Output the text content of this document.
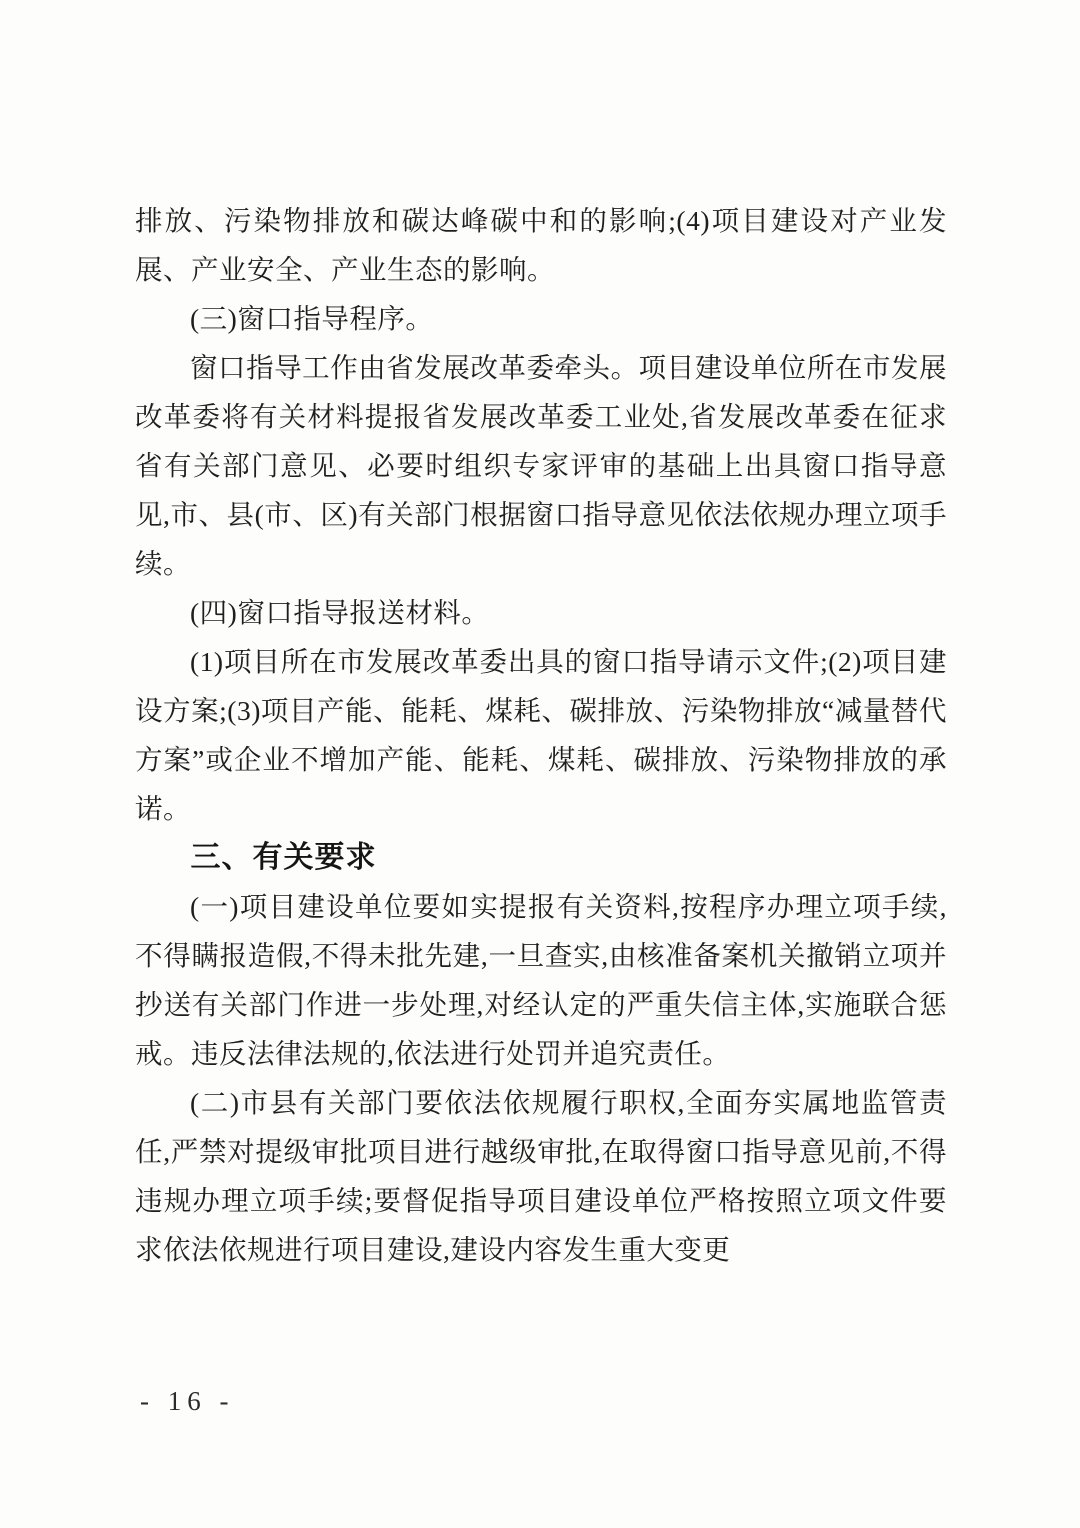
排放、污染物排放和碳达峰碳中和的影响;(4)项目建设对产业发展、产业安全、产业生态的影响。

(三)窗口指导程序。

窗口指导工作由省发展改革委牵头。项目建设单位所在市发展改革委将有关材料提报省发展改革委工业处,省发展改革委在征求省有关部门意见、必要时组织专家评审的基础上出具窗口指导意见,市、县(市、区)有关部门根据窗口指导意见依法依规办理立项手续。

(四)窗口指导报送材料。

(1)项目所在市发展改革委出具的窗口指导请示文件;(2)项目建设方案;(3)项目产能、能耗、煤耗、碳排放、污染物排放“减量替代方案”或企业不增加产能、能耗、煤耗、碳排放、污染物排放的承诺。

三、有关要求

(一)项目建设单位要如实提报有关资料,按程序办理立项手续,不得瞒报造假,不得未批先建,一旦查实,由核准备案机关撤销立项并抄送有关部门作进一步处理,对经认定的严重失信主体,实施联合惩戒。违反法律法规的,依法进行处罚并追究责任。

(二)市县有关部门要依法依规履行职权,全面夯实属地监管责任,严禁对提级审批项目进行越级审批,在取得窗口指导意见前,不得违规办理立项手续;要督促指导项目建设单位严格按照立项文件要求依法依规进行项目建设,建设内容发生重大变更

- 16 -
